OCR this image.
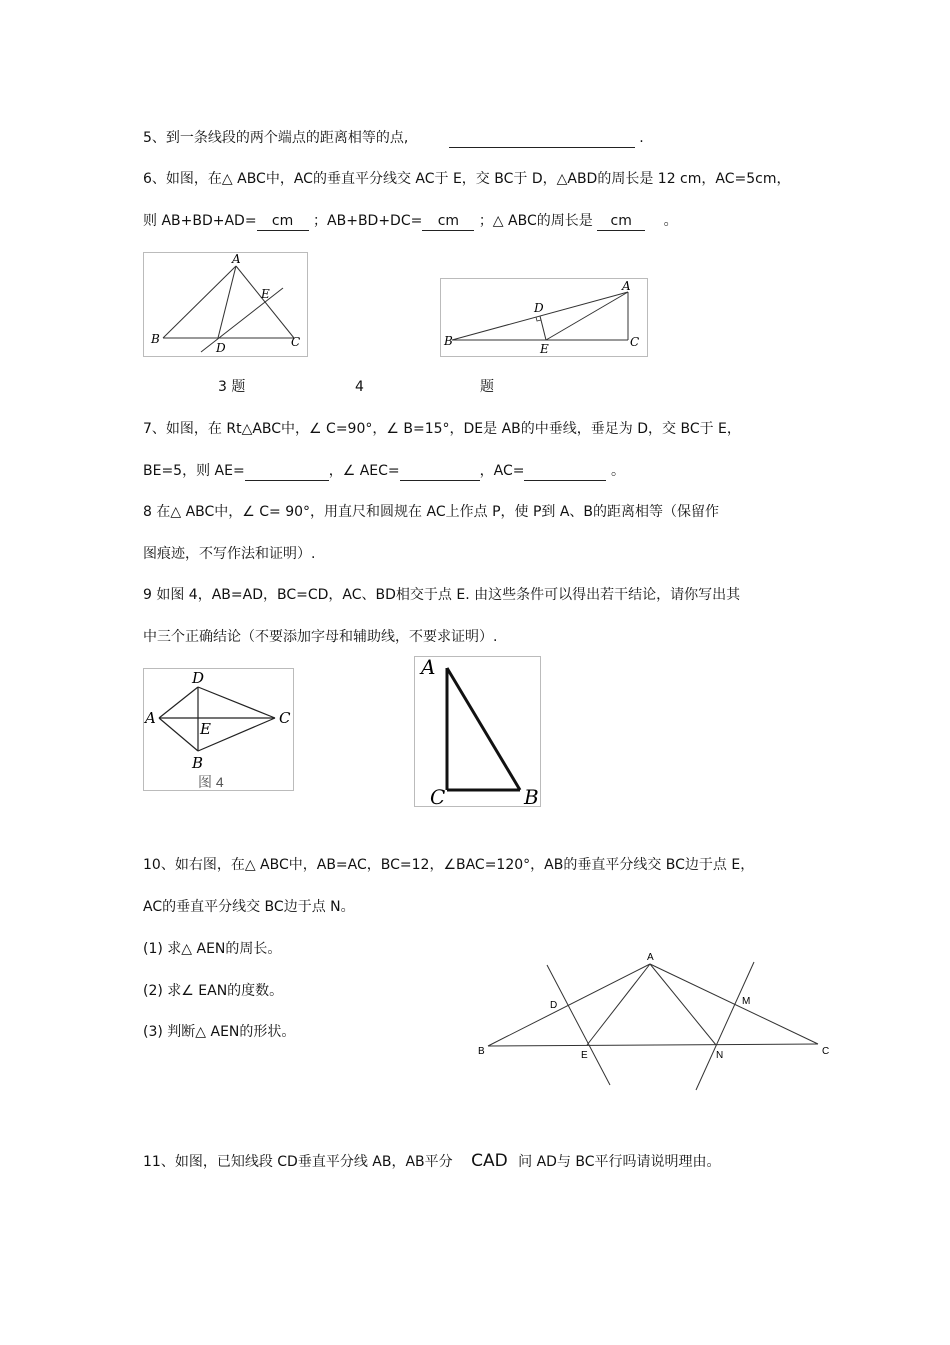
5、到一条线段的两个端点的距离相等的点,	.
6、如图，在△ ABC中，AC的垂直平分线交 AC于 E，交 BC于 D，△ABD的周长是 12 cm，AC=5cm，
则 AB+BD+AD= cm ；AB+BD+DC= cm ；△ ABC的周长是 cm 。
A
B	C
D
E
A
B	C
D
E
3 题	4	题
7、如图，在 Rt△ABC中，∠ C=90°，∠ B=15°，DE是 AB的中垂线，垂足为 D，交 BC于 E，
BE=5，则 AE=	，∠ AEC=	，AC=	。
8 在△ ABC中，∠ C= 90°，用直尺和圆规在 AC上作点 P，使 P到 A、B的距离相等（保留作
图痕迹，不写作法和证明）.
9 如图 4，AB=AD，BC=CD，AC、BD相交于点 E. 由这些条件可以得出若干结论，请你写出其
中三个正确结论（不要添加字母和辅助线，不要求证明）.
D
A	C
E
B
图 4
A
C	B
10、如右图，在△ ABC中，AB=AC，BC=12，∠BAC=120°，AB的垂直平分线交 BC边于点 E，
AC的垂直平分线交 BC边于点 N。
(1) 求△ AEN的周长。
(2) 求∠ EAN的度数。
(3) 判断△ AEN的形状。
A
B	C
D
E
M
N
11、如图，已知线段 CD垂直平分线 AB，AB平分 CAD 问 AD与 BC平行吗请说明理由。
